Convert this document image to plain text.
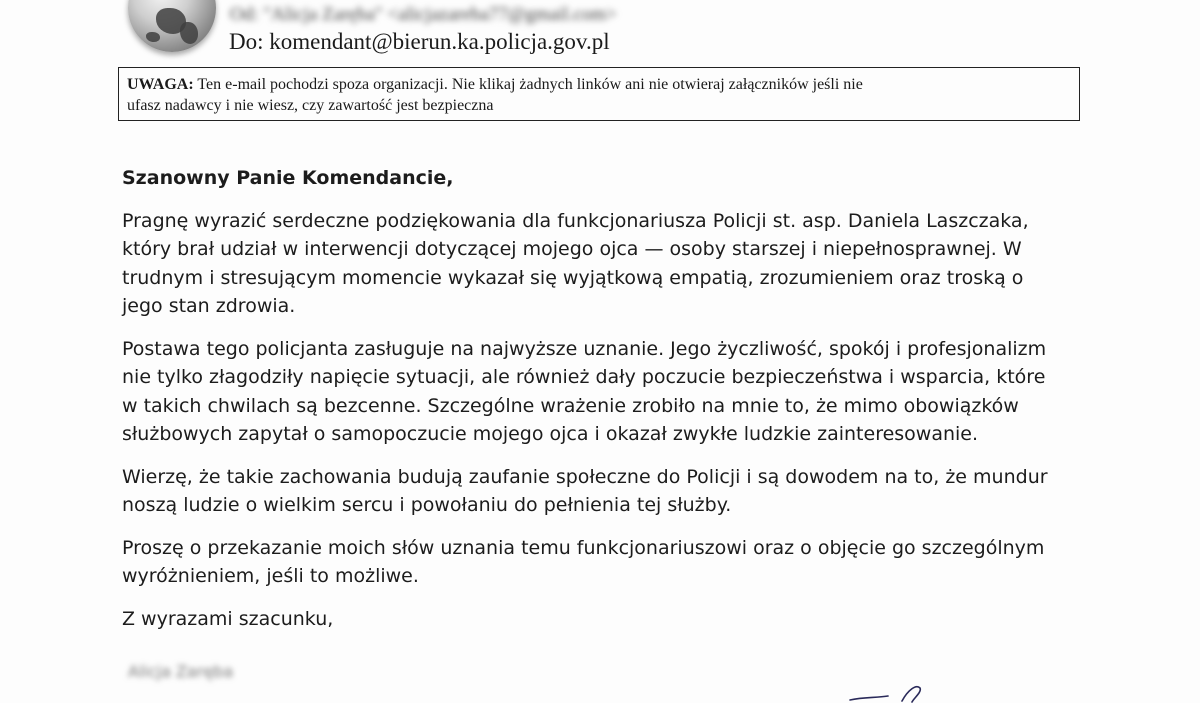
Od: "Alicja Zaręba" <alicjazareba77@gmail.com>
Do: komendant@bierun.ka.policja.gov.pl
UWAGA: Ten e-mail pochodzi spoza organizacji. Nie klikaj żadnych linków ani nie otwieraj załączników jeśli nie
ufasz nadawcy i nie wiesz, czy zawartość jest bezpieczna

Szanowny Panie Komendancie,

Pragnę wyrazić serdeczne podziękowania dla funkcjonariusza Policji st. asp. Daniela Laszczaka,
który brał udział w interwencji dotyczącej mojego ojca — osoby starszej i niepełnosprawnej. W
trudnym i stresującym momencie wykazał się wyjątkową empatią, zrozumieniem oraz troską o
jego stan zdrowia.

Postawa tego policjanta zasługuje na najwyższe uznanie. Jego życzliwość, spokój i profesjonalizm
nie tylko złagodziły napięcie sytuacji, ale również dały poczucie bezpieczeństwa i wsparcia, które
w takich chwilach są bezcenne. Szczególne wrażenie zrobiło na mnie to, że mimo obowiązków
służbowych zapytał o samopoczucie mojego ojca i okazał zwykłe ludzkie zainteresowanie.

Wierzę, że takie zachowania budują zaufanie społeczne do Policji i są dowodem na to, że mundur
noszą ludzie o wielkim sercu i powołaniu do pełnienia tej służby.

Proszę o przekazanie moich słów uznania temu funkcjonariuszowi oraz o objęcie go szczególnym
wyróżnieniem, jeśli to możliwe.

Z wyrazami szacunku,

Alicja Zaręba
